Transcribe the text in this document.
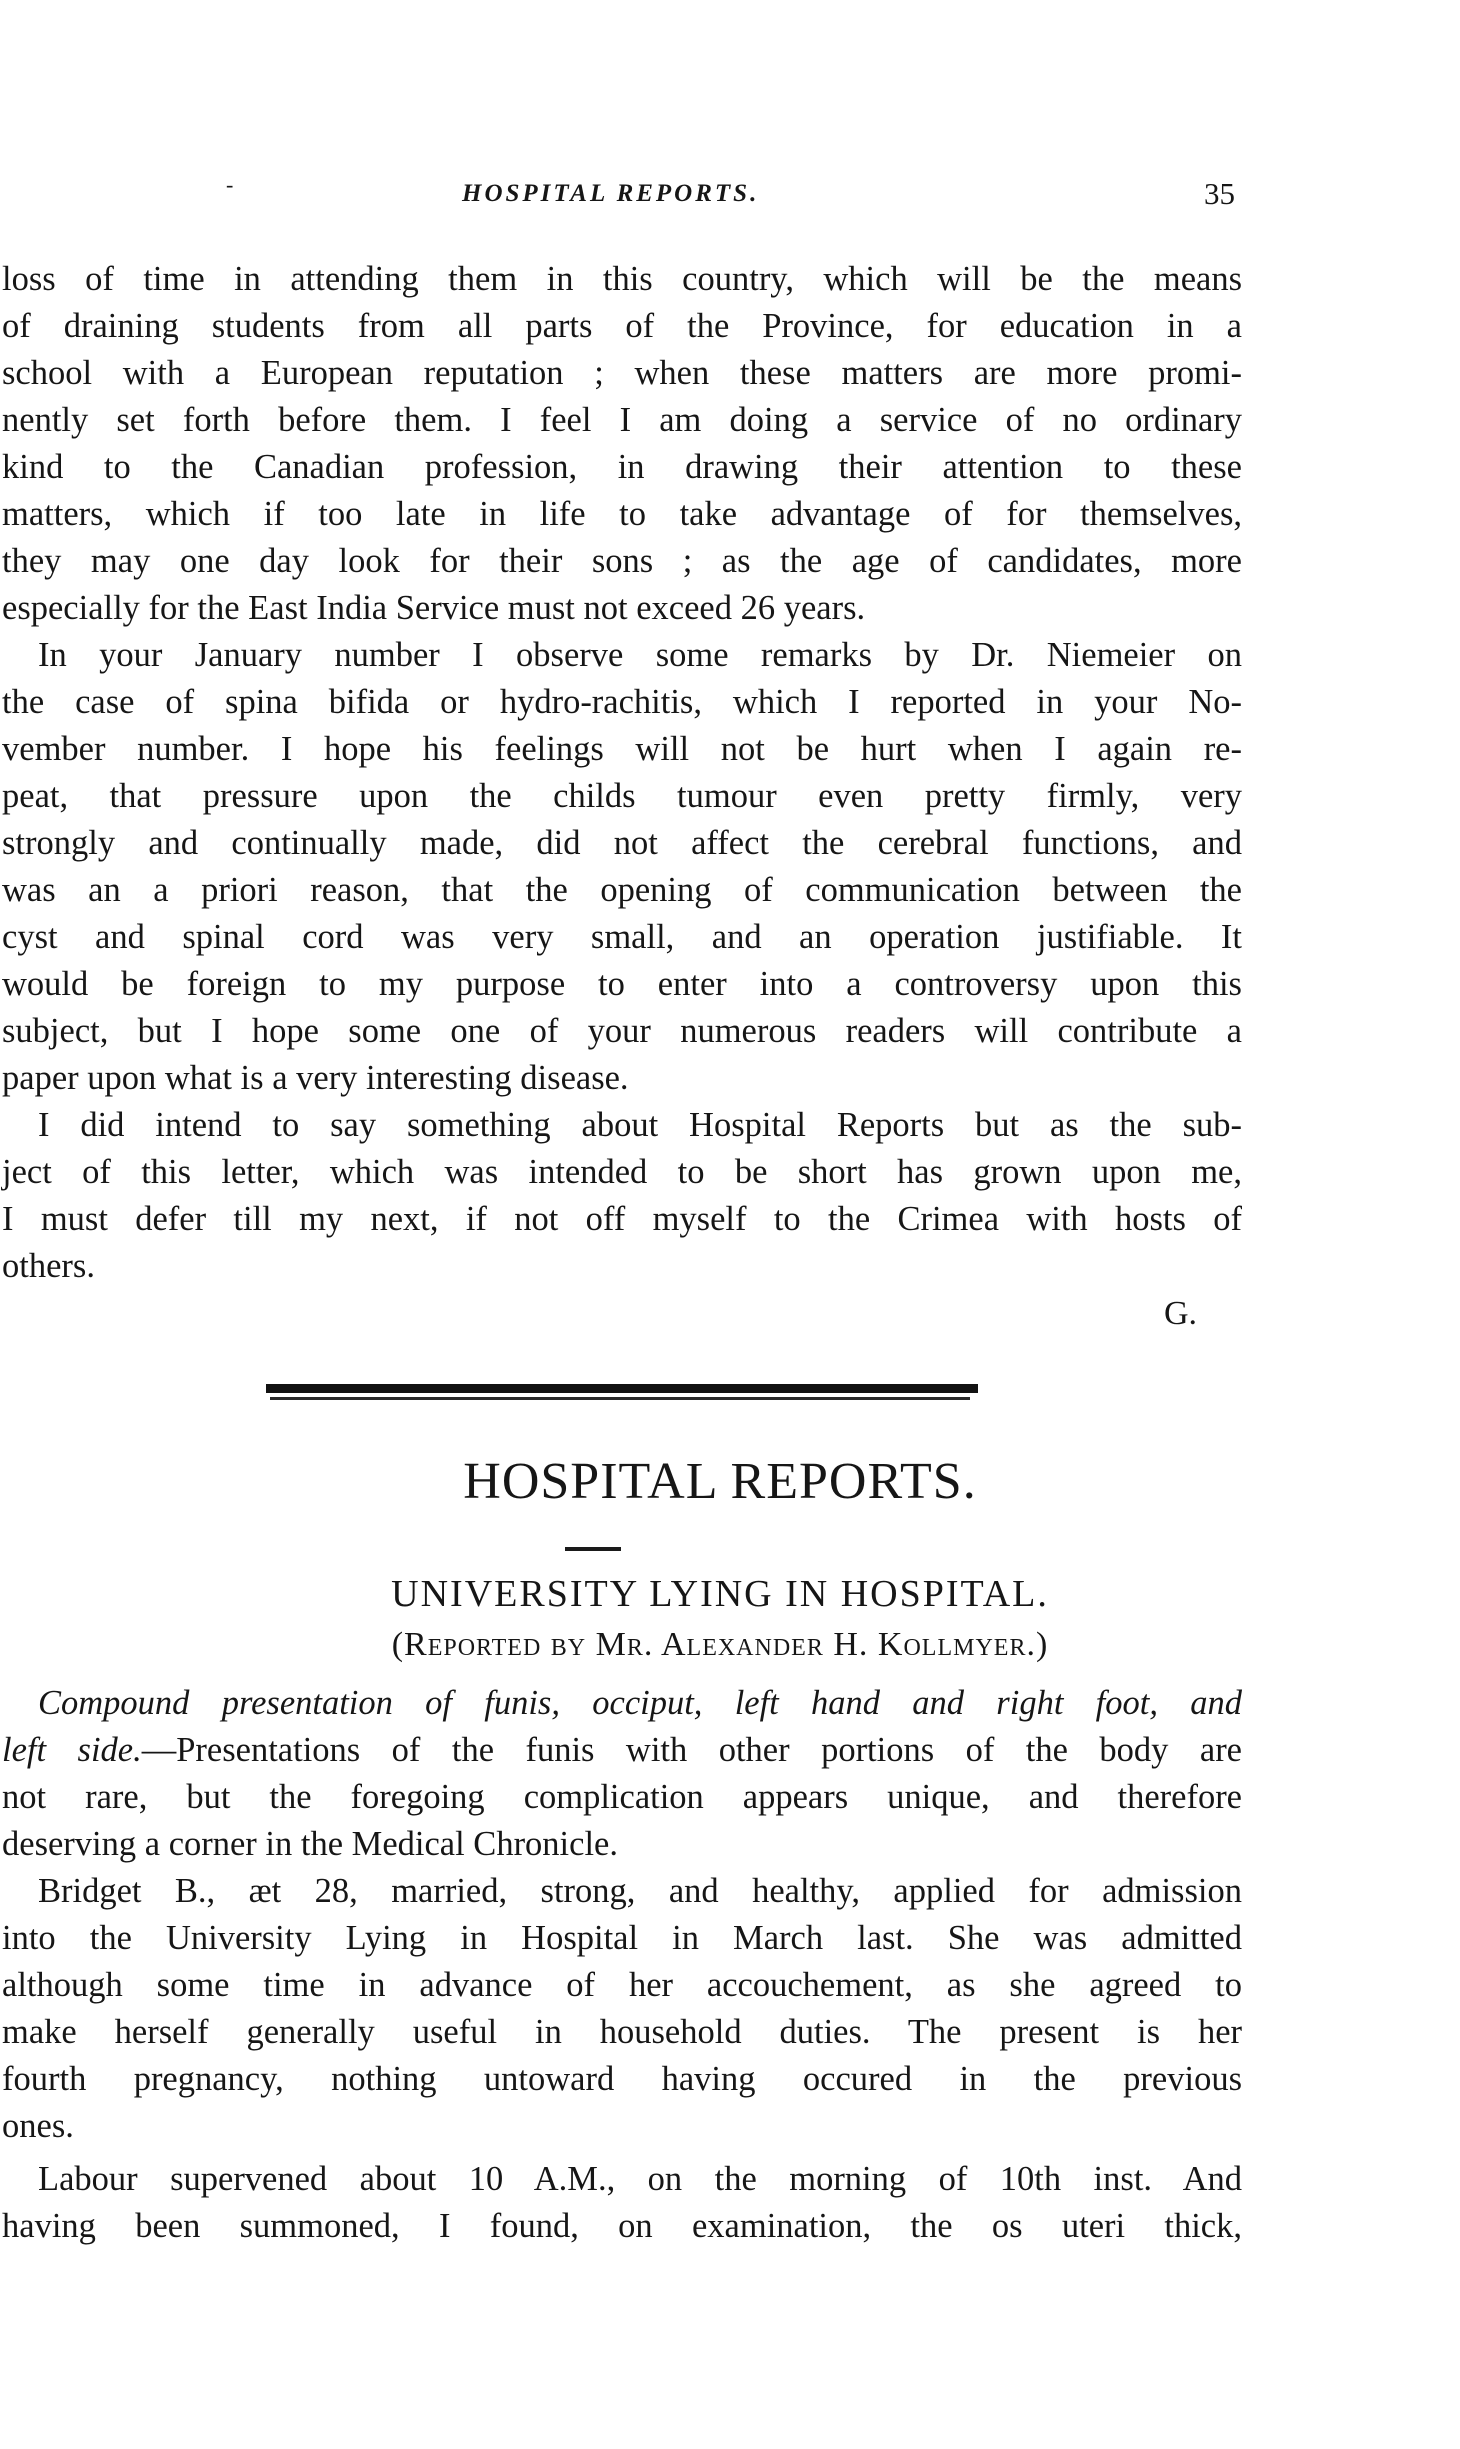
-	HOSPITAL REPORTS.	35
loss of time in attending them in this country, which will be the means
of draining students from all parts of the Province, for education in a
school with a European reputation ; when these matters are more promi-
nently set forth before them. I feel I am doing a service of no ordinary
kind to the Canadian profession, in drawing their attention to these
matters, which if too late in life to take advantage of for themselves,
they may one day look for their sons ; as the age of candidates, more
especially for the East India Service must not exceed 26 years.
In your January number I observe some remarks by Dr. Niemeier on
the case of spina bifida or hydro-rachitis, which I reported in your No-
vember number. I hope his feelings will not be hurt when I again re-
peat, that pressure upon the childs tumour even pretty firmly, very
strongly and continually made, did not affect the cerebral functions, and
was an a priori reason, that the opening of communication between the
cyst and spinal cord was very small, and an operation justifiable. It
would be foreign to my purpose to enter into a controversy upon this
subject, but I hope some one of your numerous readers will contribute a
paper upon what is a very interesting disease.
I did intend to say something about Hospital Reports but as the sub-
ject of this letter, which was intended to be short has grown upon me,
I must defer till my next, if not off myself to the Crimea with hosts of
others.
G.
HOSPITAL REPORTS.
UNIVERSITY LYING IN HOSPITAL.
(Reported by Mr. Alexander H. Kollmyer.)
Compound presentation of funis, occiput, left hand and right foot, and
left side.—Presentations of the funis with other portions of the body are
not rare, but the foregoing complication appears unique, and therefore
deserving a corner in the Medical Chronicle.
Bridget B., æt 28, married, strong, and healthy, applied for admission
into the University Lying in Hospital in March last. She was admitted
although some time in advance of her accouchement, as she agreed to
make herself generally useful in household duties. The present is her
fourth pregnancy, nothing untoward having occured in the previous
ones.
Labour supervened about 10 A.M., on the morning of 10th inst. And
having been summoned, I found, on examination, the os uteri thick,
